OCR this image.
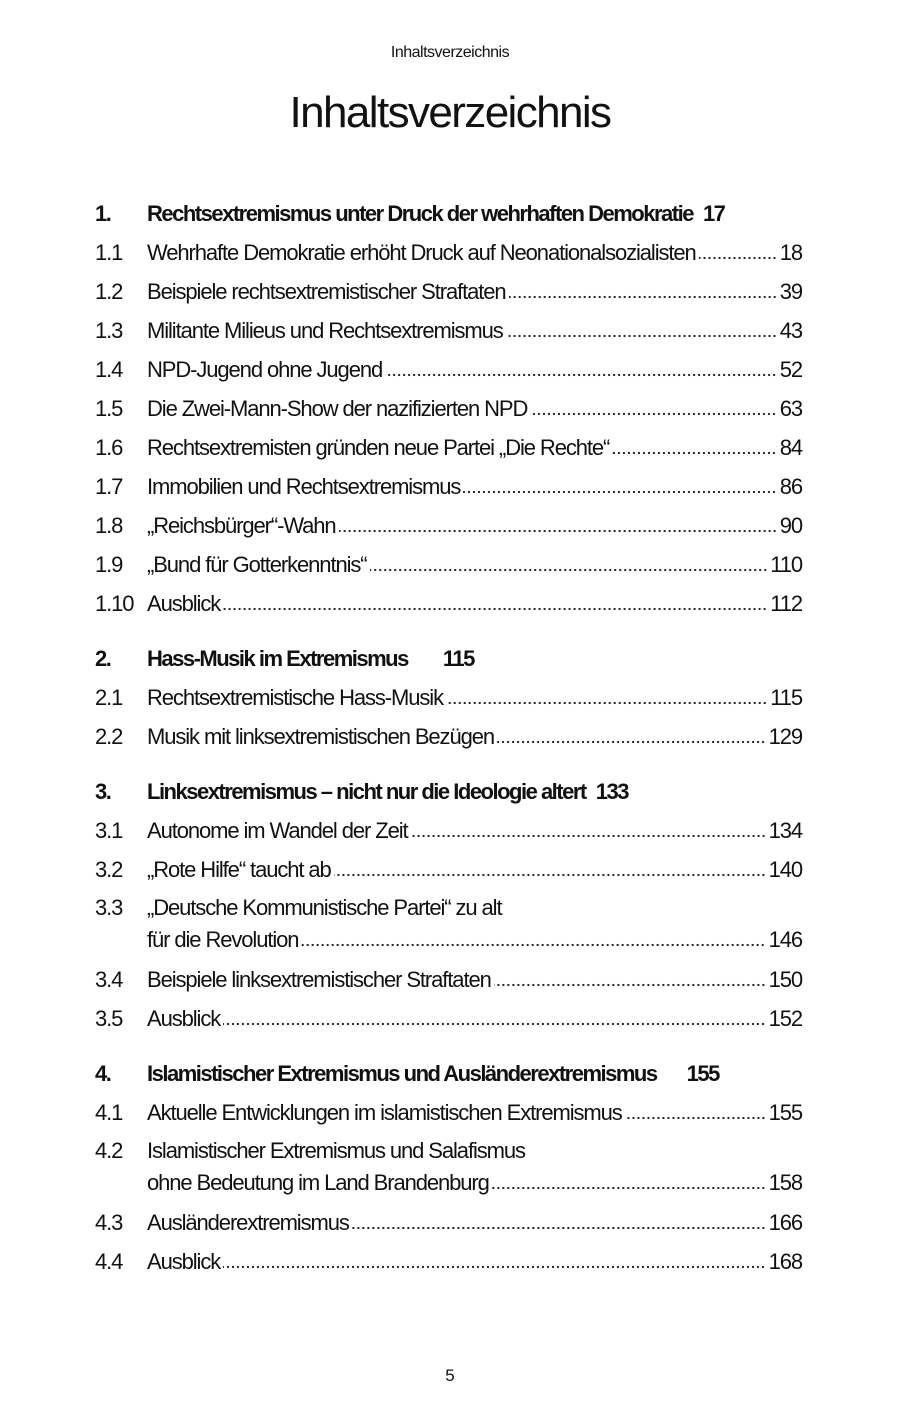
Inhaltsverzeichnis
Inhaltsverzeichnis
1.	Rechtsextremismus unter Druck der wehrhaften Demokratie 17
1.1	Wehrhafte Demokratie erhöht Druck auf Neonationalsozialisten	18
1.2	Beispiele rechtsextremistischer Straftaten	39
1.3	Militante Milieus und Rechtsextremismus	43
1.4	NPD-Jugend ohne Jugend	52
1.5	Die Zwei-Mann-Show der nazifizierten NPD	63
1.6	Rechtsextremisten gründen neue Partei „Die Rechte“	84
1.7	Immobilien und Rechtsextremismus	86
1.8	„Reichsbürger“-Wahn	90
1.9	„Bund für Gotterkenntnis“	110
1.10 Ausblick	112
2.	Hass-Musik im Extremismus 115
2.1	Rechtsextremistische Hass-Musik	115
2.2	Musik mit linksextremistischen Bezügen	129
3.	Linksextremismus – nicht nur die Ideologie altert 133
3.1	Autonome im Wandel der Zeit	134
3.2	„Rote Hilfe“ taucht ab	140
3.3	„Deutsche Kommunistische Partei“ zu alt
für die Revolution	146
3.4	Beispiele linksextremistischer Straftaten	150
3.5	Ausblick	152
4.	Islamistischer Extremismus und Ausländerextremismus 155
4.1	Aktuelle Entwicklungen im islamistischen Extremismus	155
4.2	Islamistischer Extremismus und Salafismus
ohne Bedeutung im Land Brandenburg	158
4.3	Ausländerextremismus	166
4.4	Ausblick	168
5
